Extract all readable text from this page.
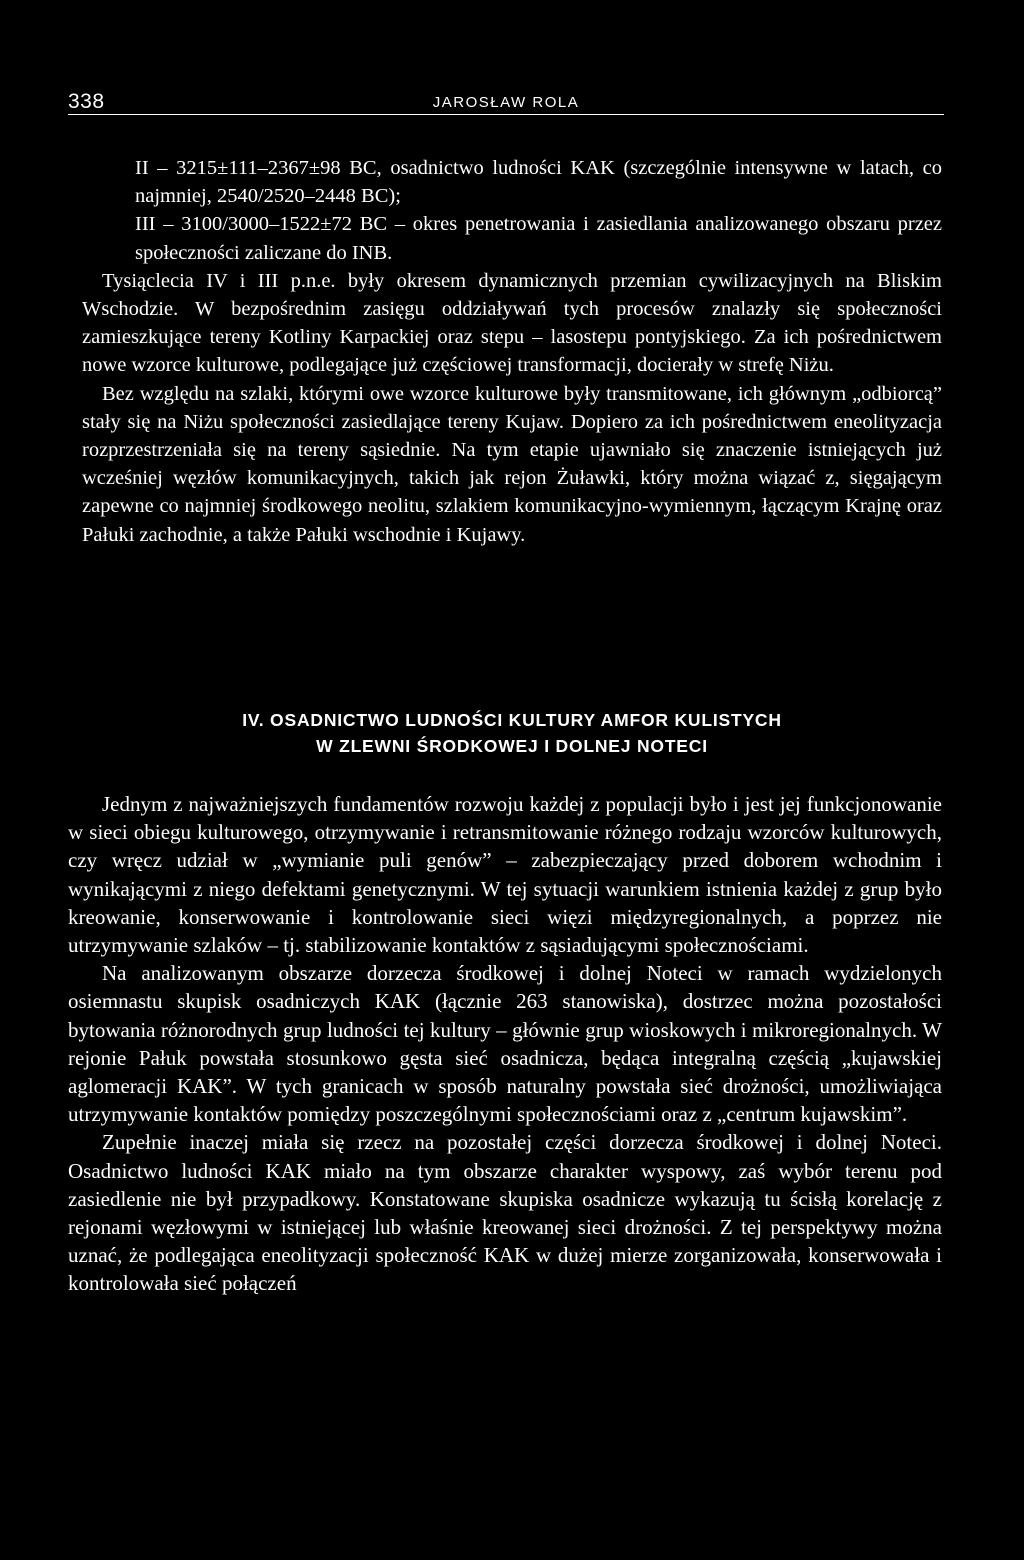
338	JAROSŁAW ROLA

II – 3215±111–2367±98 BC, osadnictwo ludności KAK (szczególnie intensywne w latach, co najmniej, 2540/2520–2448 BC);

III – 3100/3000–1522±72 BC – okres penetrowania i zasiedlania analizowanego obszaru przez społeczności zaliczane do INB.

Tysiąclecia IV i III p.n.e. były okresem dynamicznych przemian cywilizacyjnych na Bliskim Wschodzie. W bezpośrednim zasięgu oddziaływań tych procesów znalazły się społeczności zamieszkujące tereny Kotliny Karpackiej oraz stepu – lasostepu pontyjskiego. Za ich pośrednictwem nowe wzorce kulturowe, podlegające już częściowej transformacji, docierały w strefę Niżu.

Bez względu na szlaki, którymi owe wzorce kulturowe były transmitowane, ich głównym „odbiorcą” stały się na Niżu społeczności zasiedlające tereny Kujaw. Dopiero za ich pośrednictwem eneolityzacja rozprzestrzeniała się na tereny sąsiednie. Na tym etapie ujawniało się znaczenie istniejących już wcześniej węzłów komunikacyjnych, takich jak rejon Żuławki, który można wiązać z, sięgającym zapewne co najmniej środkowego neolitu, szlakiem komunikacyjno-wymiennym, łączącym Krajnę oraz Pałuki zachodnie, a także Pałuki wschodnie i Kujawy.

IV. OSADNICTWO LUDNOŚCI KULTURY AMFOR KULISTYCH
W ZLEWNI ŚRODKOWEJ I DOLNEJ NOTECI

Jednym z najważniejszych fundamentów rozwoju każdej z populacji było i jest jej funkcjonowanie w sieci obiegu kulturowego, otrzymywanie i retransmitowanie różnego rodzaju wzorców kulturowych, czy wręcz udział w „wymianie puli genów” – zabezpieczający przed doborem wchodnim i wynikającymi z niego defektami genetycznymi. W tej sytuacji warunkiem istnienia każdej z grup było kreowanie, konserwowanie i kontrolowanie sieci więzi międzyregionalnych, a poprzez nie utrzymywanie szlaków – tj. stabilizowanie kontaktów z sąsiadującymi społecznościami.

Na analizowanym obszarze dorzecza środkowej i dolnej Noteci w ramach wydzielonych osiemnastu skupisk osadniczych KAK (łącznie 263 stanowiska), dostrzec można pozostałości bytowania różnorodnych grup ludności tej kultury – głównie grup wioskowych i mikroregionalnych. W rejonie Pałuk powstała stosunkowo gęsta sieć osadnicza, będąca integralną częścią „kujawskiej aglomeracji KAK”. W tych granicach w sposób naturalny powstała sieć drożności, umożliwiająca utrzymywanie kontaktów pomiędzy poszczególnymi społecznościami oraz z „centrum kujawskim”.

Zupełnie inaczej miała się rzecz na pozostałej części dorzecza środkowej i dolnej Noteci. Osadnictwo ludności KAK miało na tym obszarze charakter wyspowy, zaś wybór terenu pod zasiedlenie nie był przypadkowy. Konstatowane skupiska osadnicze wykazują tu ścisłą korelację z rejonami węzłowymi w istniejącej lub właśnie kreowanej sieci drożności. Z tej perspektywy można uznać, że podlegająca eneolityzacji społeczność KAK w dużej mierze zorganizowała, konserwowała i kontrolowała sieć połączeń
